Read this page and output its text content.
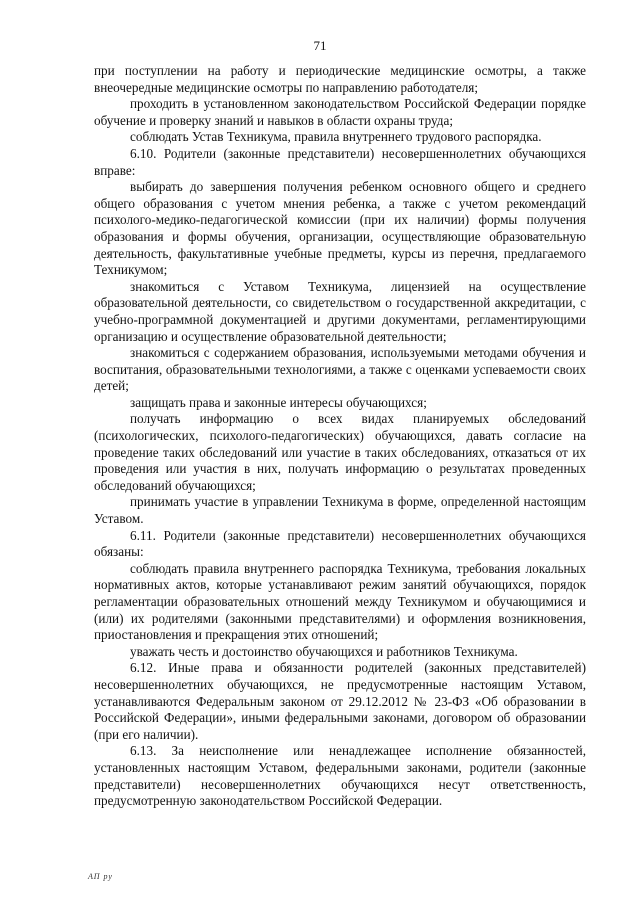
71

при поступлении на работу и периодические медицинские осмотры, а также внеочередные медицинские осмотры по направлению работодателя;

проходить в установленном законодательством Российской Федерации порядке обучение и проверку знаний и навыков в области охраны труда;

соблюдать Устав Техникума, правила внутреннего трудового распорядка.

6.10. Родители (законные представители) несовершеннолетних обучающихся вправе:

выбирать до завершения получения ребенком основного общего и среднего общего образования с учетом мнения ребенка, а также с учетом рекомендаций психолого-медико-педагогической комиссии (при их наличии) формы получения образования и формы обучения, организации, осуществляющие образовательную деятельность, факультативные учебные предметы, курсы из перечня, предлагаемого Техникумом;

знакомиться с Уставом Техникума, лицензией на осуществление образовательной деятельности, со свидетельством о государственной аккредитации, с учебно-программной документацией и другими документами, регламентирующими организацию и осуществление образовательной деятельности;

знакомиться с содержанием образования, используемыми методами обучения и воспитания, образовательными технологиями, а также с оценками успеваемости своих детей;

защищать права и законные интересы обучающихся;

получать информацию о всех видах планируемых обследований (психологических, психолого-педагогических) обучающихся, давать согласие на проведение таких обследований или участие в таких обследованиях, отказаться от их проведения или участия в них, получать информацию о результатах проведенных обследований обучающихся;

принимать участие в управлении Техникума в форме, определенной настоящим Уставом.

6.11. Родители (законные представители) несовершеннолетних обучающихся обязаны:

соблюдать правила внутреннего распорядка Техникума, требования локальных нормативных актов, которые устанавливают режим занятий обучающихся, порядок регламентации образовательных отношений между Техникумом и обучающимися и (или) их родителями (законными представителями) и оформления возникновения, приостановления и прекращения этих отношений;

уважать честь и достоинство обучающихся и работников Техникума.

6.12. Иные права и обязанности родителей (законных представителей) несовершеннолетних обучающихся, не предусмотренные настоящим Уставом, устанавливаются Федеральным законом от 29.12.2012 № 23-ФЗ «Об образовании в Российской Федерации», иными федеральными законами, договором об образовании (при его наличии).

6.13. За неисполнение или ненадлежащее исполнение обязанностей, установленных настоящим Уставом, федеральными законами, родители (законные представители) несовершеннолетних обучающихся несут ответственность, предусмотренную законодательством Российской Федерации.

АП ру
